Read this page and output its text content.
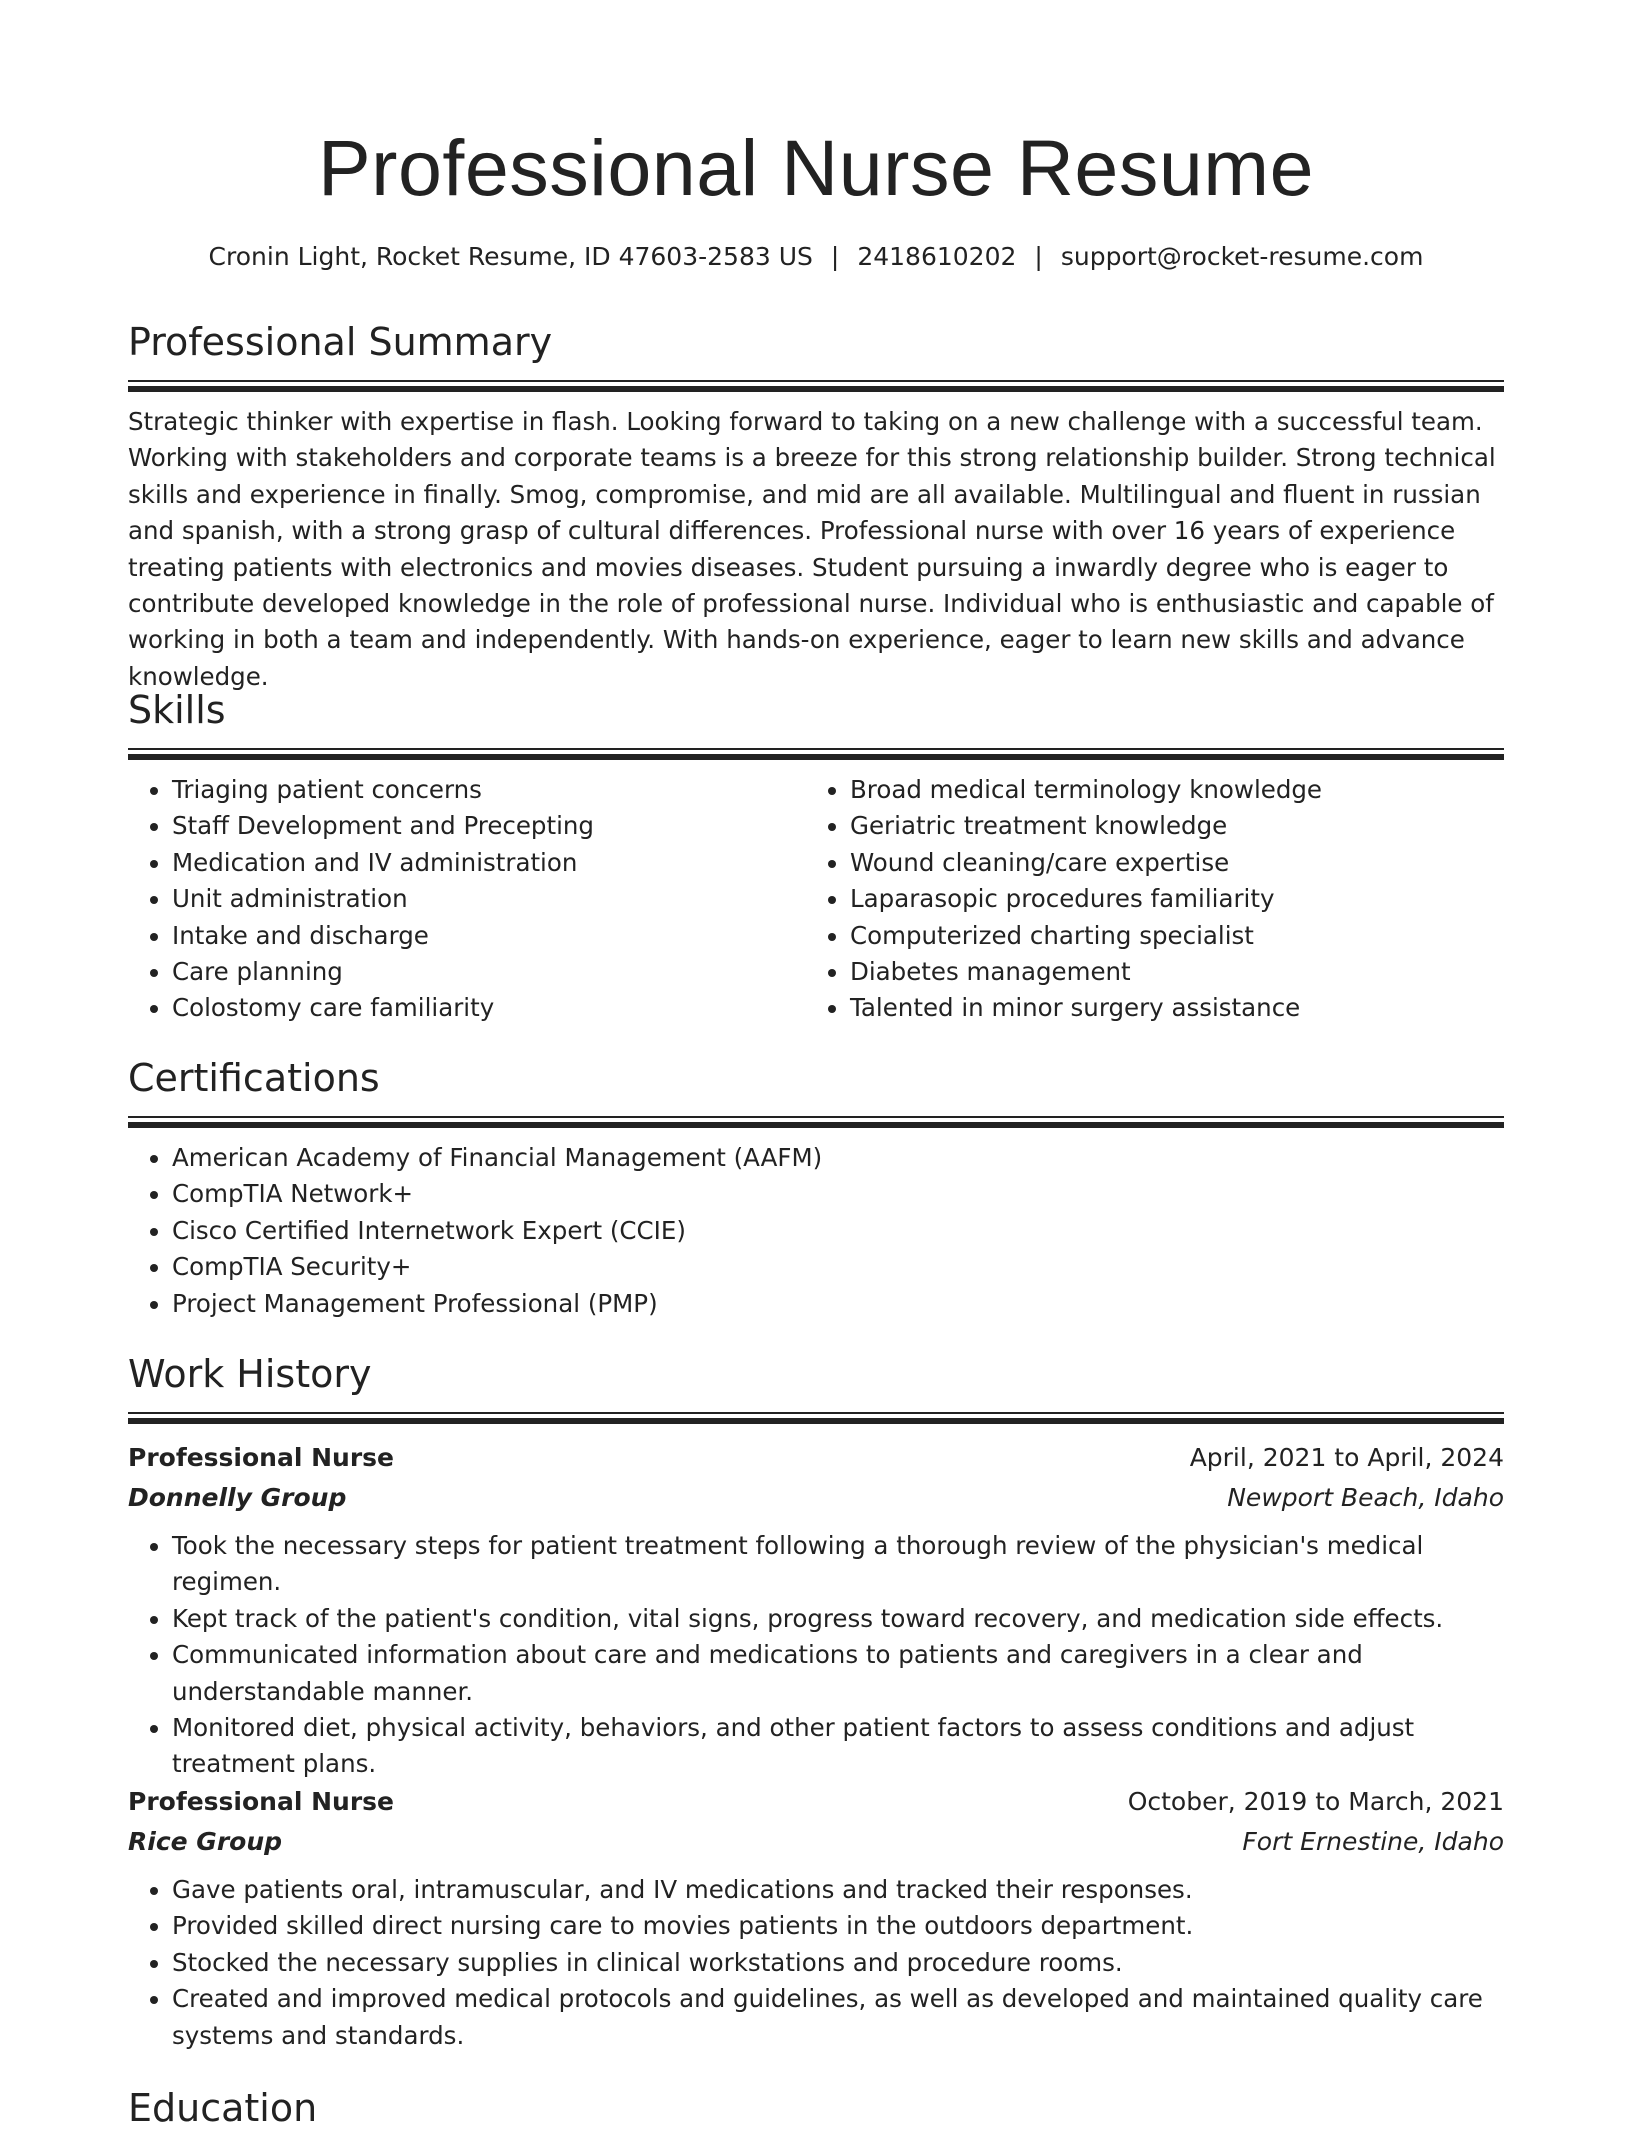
Professional Nurse Resume
Cronin Light, Rocket Resume, ID 47603-2583 US | 2418610202 | support@rocket-resume.com
Professional Summary
Strategic thinker with expertise in flash. Looking forward to taking on a new challenge with a successful team. Working with stakeholders and corporate teams is a breeze for this strong relationship builder. Strong technical skills and experience in finally. Smog, compromise, and mid are all available. Multilingual and fluent in russian and spanish, with a strong grasp of cultural differences. Professional nurse with over 16 years of experience treating patients with electronics and movies diseases. Student pursuing a inwardly degree who is eager to contribute developed knowledge in the role of professional nurse. Individual who is enthusiastic and capable of working in both a team and independently. With hands-on experience, eager to learn new skills and advance knowledge.
Skills
• Triaging patient concerns
• Staff Development and Precepting
• Medication and IV administration
• Unit administration
• Intake and discharge
• Care planning
• Colostomy care familiarity
• Broad medical terminology knowledge
• Geriatric treatment knowledge
• Wound cleaning/care expertise
• Laparasopic procedures familiarity
• Computerized charting specialist
• Diabetes management
• Talented in minor surgery assistance
Certifications
• American Academy of Financial Management (AAFM)
• CompTIA Network+
• Cisco Certified Internetwork Expert (CCIE)
• CompTIA Security+
• Project Management Professional (PMP)
Work History
Professional Nurse	April, 2021 to April, 2024
Donnelly Group	Newport Beach, Idaho
• Took the necessary steps for patient treatment following a thorough review of the physician's medical regimen.
• Kept track of the patient's condition, vital signs, progress toward recovery, and medication side effects.
• Communicated information about care and medications to patients and caregivers in a clear and understandable manner.
• Monitored diet, physical activity, behaviors, and other patient factors to assess conditions and adjust treatment plans.
Professional Nurse	October, 2019 to March, 2021
Rice Group	Fort Ernestine, Idaho
• Gave patients oral, intramuscular, and IV medications and tracked their responses.
• Provided skilled direct nursing care to movies patients in the outdoors department.
• Stocked the necessary supplies in clinical workstations and procedure rooms.
• Created and improved medical protocols and guidelines, as well as developed and maintained quality care systems and standards.
Education
